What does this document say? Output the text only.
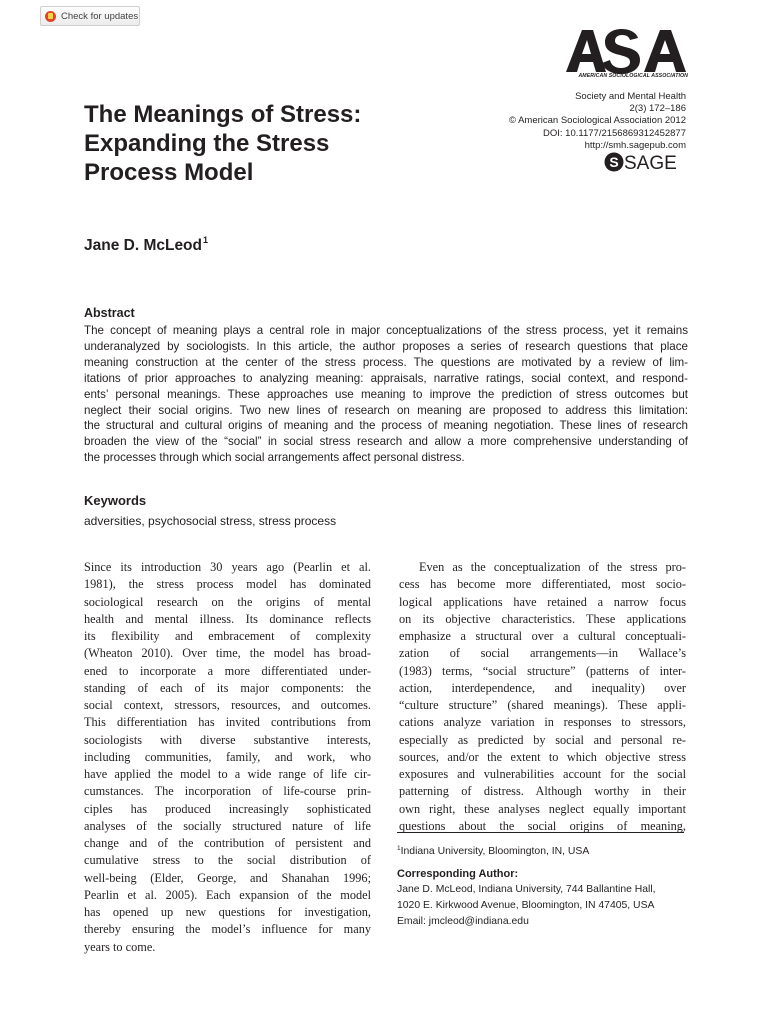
Check for updates
AMERICAN SOCIOLOGICAL ASSOCIATION
Society and Mental Health
2(3) 172–186
© American Sociological Association 2012
DOI: 10.1177/2156869312452877
http://smh.sagepub.com
S SAGE
The Meanings of Stress:
Expanding the Stress
Process Model
Jane D. McLeod$^1$
Abstract
The concept of meaning plays a central role in major conceptualizations of the stress process, yet it remains
underanalyzed by sociologists. In this article, the author proposes a series of research questions that place
meaning construction at the center of the stress process. The questions are motivated by a review of lim-
itations of prior approaches to analyzing meaning: appraisals, narrative ratings, social context, and respond-
ents’ personal meanings. These approaches use meaning to improve the prediction of stress outcomes but
neglect their social origins. Two new lines of research on meaning are proposed to address this limitation:
the structural and cultural origins of meaning and the process of meaning negotiation. These lines of research
broaden the view of the “social” in social stress research and allow a more comprehensive understanding of
the processes through which social arrangements affect personal distress.
Keywords
adversities, psychosocial stress, stress process
Since its introduction 30 years ago (Pearlin et al.
1981), the stress process model has dominated
sociological research on the origins of mental
health and mental illness. Its dominance reflects
its flexibility and embracement of complexity
(Wheaton 2010). Over time, the model has broad-
ened to incorporate a more differentiated under-
standing of each of its major components: the
social context, stressors, resources, and outcomes.
This differentiation has invited contributions from
sociologists with diverse substantive interests,
including communities, family, and work, who
have applied the model to a wide range of life cir-
cumstances. The incorporation of life-course prin-
ciples has produced increasingly sophisticated
analyses of the socially structured nature of life
change and of the contribution of persistent and
cumulative stress to the social distribution of
well-being (Elder, George, and Shanahan 1996;
Pearlin et al. 2005). Each expansion of the model
has opened up new questions for investigation,
thereby ensuring the model’s influence for many
years to come.
Even as the conceptualization of the stress pro-
cess has become more differentiated, most socio-
logical applications have retained a narrow focus
on its objective characteristics. These applications
emphasize a structural over a cultural conceptuali-
zation of social arrangements—in Wallace’s
(1983) terms, “social structure” (patterns of inter-
action, interdependence, and inequality) over
“culture structure” (shared meanings). These appli-
cations analyze variation in responses to stressors,
especially as predicted by social and personal re-
sources, and/or the extent to which objective stress
exposures and vulnerabilities account for the social
patterning of distress. Although worthy in their
own right, these analyses neglect equally important
questions about the social origins of meaning,
$^1$Indiana University, Bloomington, IN, USA
Corresponding Author:
Jane D. McLeod, Indiana University, 744 Ballantine Hall,
1020 E. Kirkwood Avenue, Bloomington, IN 47405, USA
Email: jmcleod@indiana.edu
